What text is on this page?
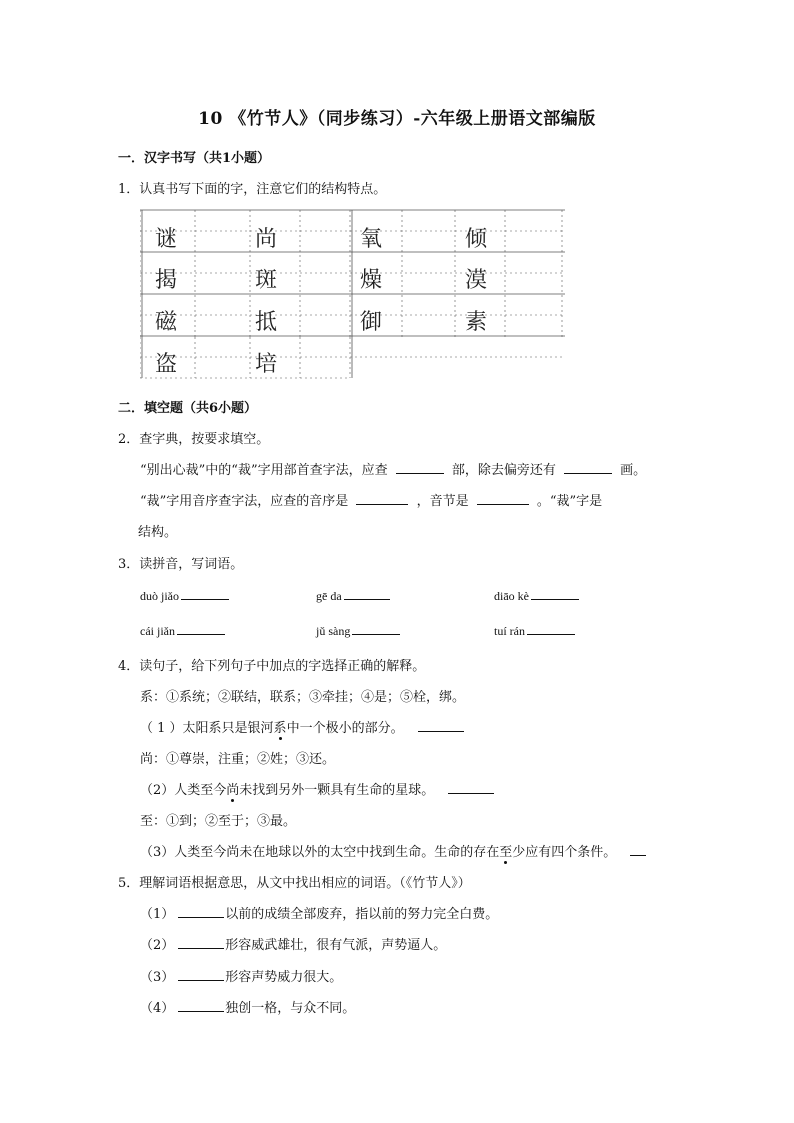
10 《竹节人》（同步练习）-六年级上册语文部编版
一．汉字书写（共1小题）
1．认真书写下面的字，注意它们的结构特点。
谜	尚	氧	倾
揭	斑	燥	漠
磁	抵	御	素
盗	培
二．填空题（共6小题）
2．查字典，按要求填空。
“别出心裁”中的“裁”字用部首查字法，应查	部，除去偏旁还有	画。
“裁”字用音序查字法，应查的音序是	，音节是	。“裁”字是
结构。
3．读拼音，写词语。
duò jiǎo	gē da	diāo kè
cái jiǎn	jǔ sàng	tuí rán
4．读句子，给下列句子中加点的字选择正确的解释。
系：①系统；②联结，联系；③牵挂；④是；⑤栓，绑。
（ 1 ）太阳系只是银河系中一个极小的部分。
尚：①尊崇，注重；②姓；③还。
（2）人类至今尚未找到另外一颗具有生命的星球。
至：①到；②至于；③最。
（3）人类至今尚未在地球以外的太空中找到生命。生命的存在至少应有四个条件。
5．理解词语根据意思，从文中找出相应的词语。（《竹节人》）
（1）	以前的成绩全部废弃，指以前的努力完全白费。
（2）	形容威武雄壮，很有气派，声势逼人。
（3）	形容声势威力很大。
（4）	独创一格，与众不同。
